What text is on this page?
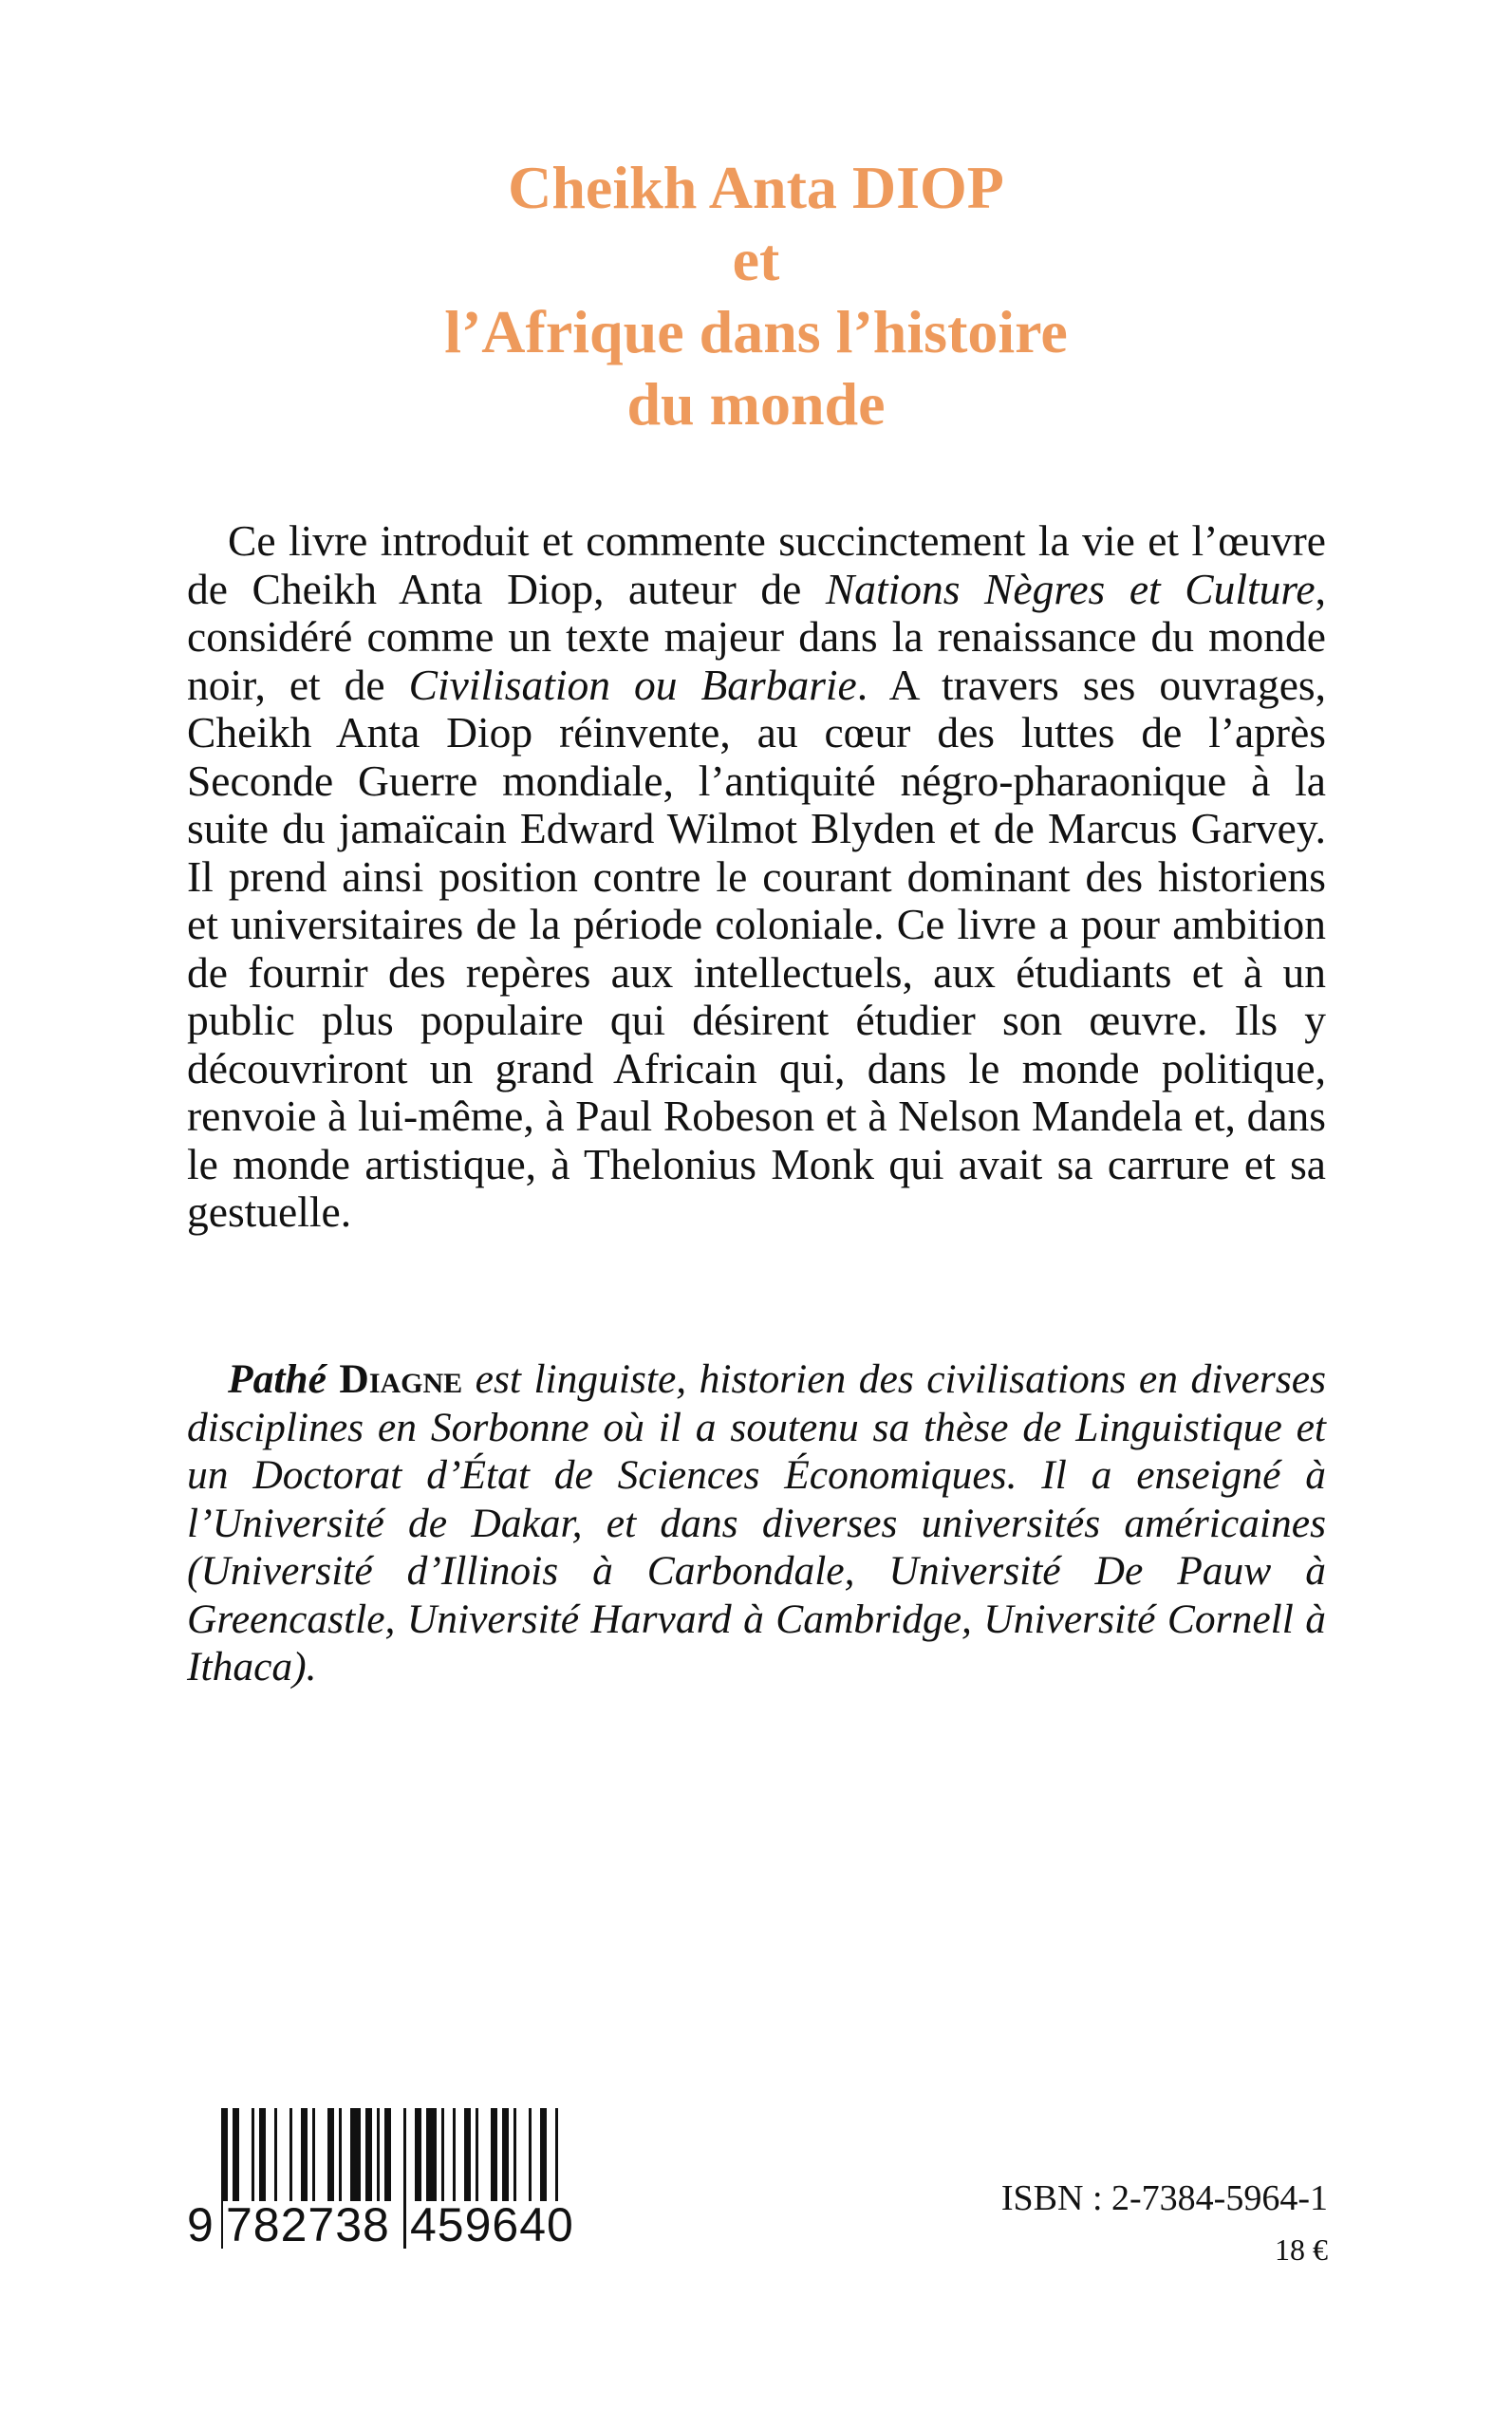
Cheikh Anta DIOP
et
l’Afrique dans l’histoire
du monde

Ce livre introduit et commente succinctement la vie et l’œuvre de Cheikh Anta Diop, auteur de Nations Nègres et Culture, considéré comme un texte majeur dans la renaissance du monde noir, et de Civilisation ou Barbarie. A travers ses ouvrages, Cheikh Anta Diop réinvente, au cœur des luttes de l’après Seconde Guerre mondiale, l’antiquité négro-pharaonique à la suite du jamaïcain Edward Wilmot Blyden et de Marcus Garvey. Il prend ainsi position contre le courant dominant des historiens et universitaires de la période coloniale. Ce livre a pour ambition de fournir des repères aux intellectuels, aux étudiants et à un public plus populaire qui désirent étudier son œuvre. Ils y découvriront un grand Africain qui, dans le monde politique, renvoie à lui-même, à Paul Robeson et à Nelson Mandela et, dans le monde artistique, à Thelonius Monk qui avait sa carrure et sa gestuelle.

Pathé Diagne est linguiste, historien des civilisations en diverses disciplines en Sorbonne où il a soutenu sa thèse de Linguistique et un Doctorat d’État de Sciences Économiques. Il a enseigné à l’Université de Dakar, et dans diverses universités américaines (Université d’Illinois à Carbondale, Université De Pauw à Greencastle, Université Harvard à Cambridge, Université Cornell à Ithaca).

9 782738 459640	ISBN : 2-7384-5964-1
18 €
